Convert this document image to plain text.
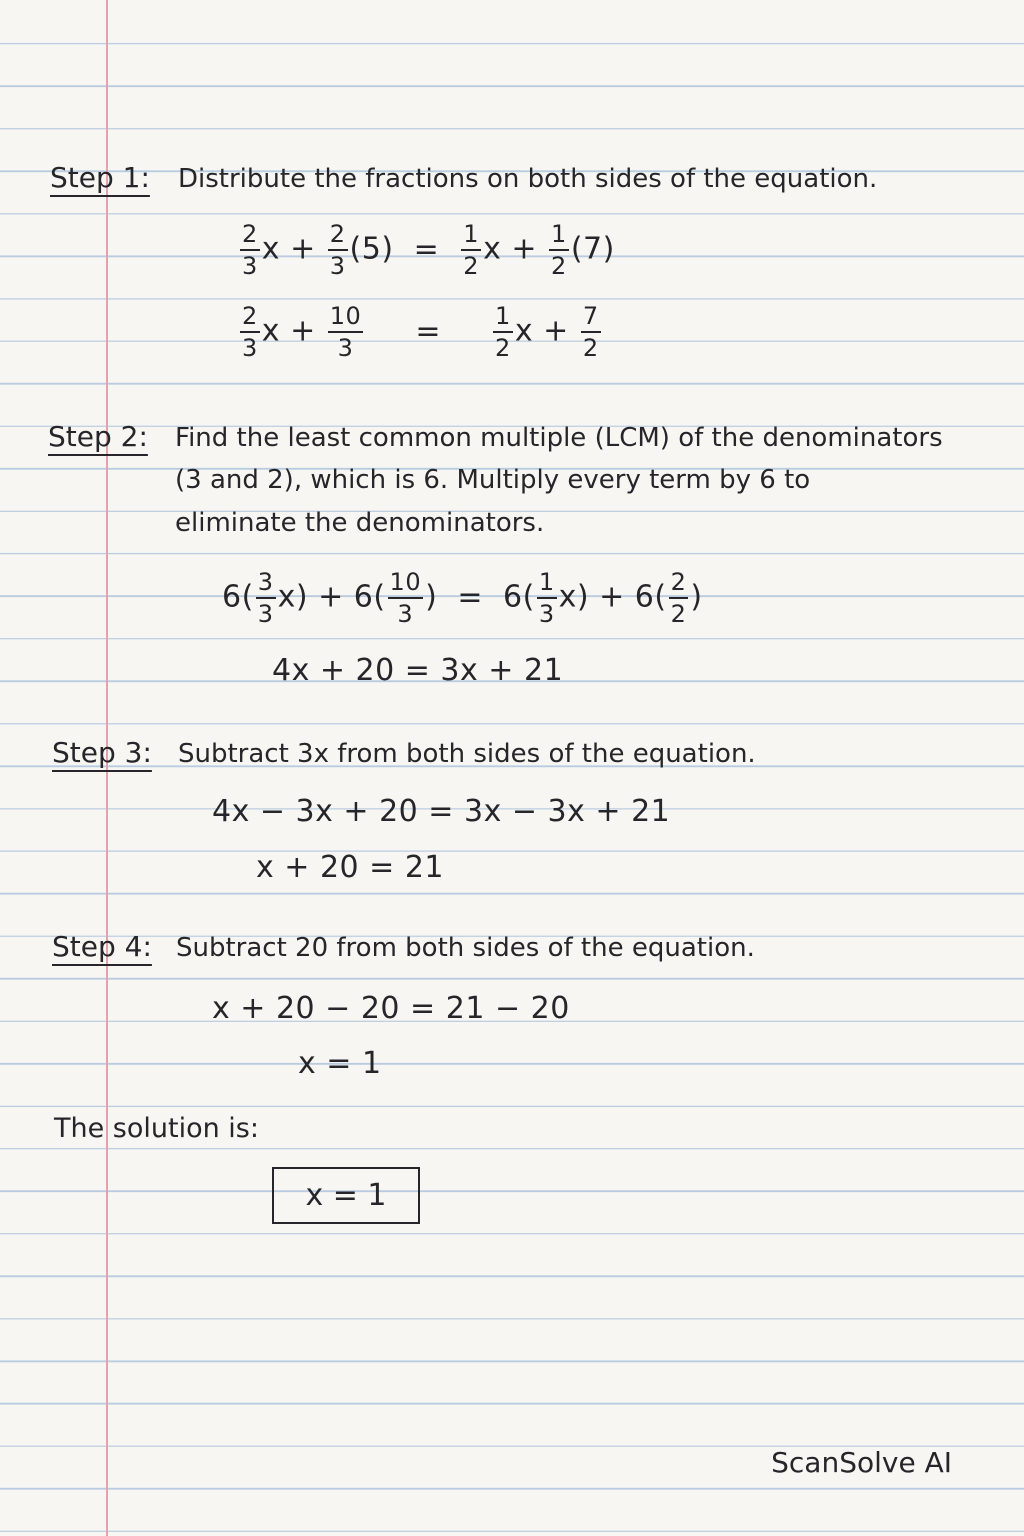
Step 1: Distribute the fractions on both sides of the equation.
$\frac{2}{3}$ $x + \frac{2}{3} (5) = \frac{1}{2}$ $x + \frac{1}{2} (7)$
$\frac{2}{3}$ $x + \frac{10}{3} = \frac{1}{2}$ $x + \frac{7}{2}$
Step 2: Find the least common multiple (LCM) of the denominators
(3 and 2), which is 6. Multiply every term by 6 to
eliminate the denominators.
$6( \frac{3}{3} x) + 6( \frac{10}{3}$ ) = $6( \frac{1}{3} x) + 6( \frac{2}{2}$ )
4x + 20 = 3x + 21
Step 3: Subtract 3x from both sides of the equation.
4x − 3x + 20 = 3x − 3x + 21
x + 20 = 21
Step 4: Subtract 20 from both sides of the equation.
x + 20 − 20 = 21 − 20
x = 1
The solution is:
x = 1
ScanSolve AI
